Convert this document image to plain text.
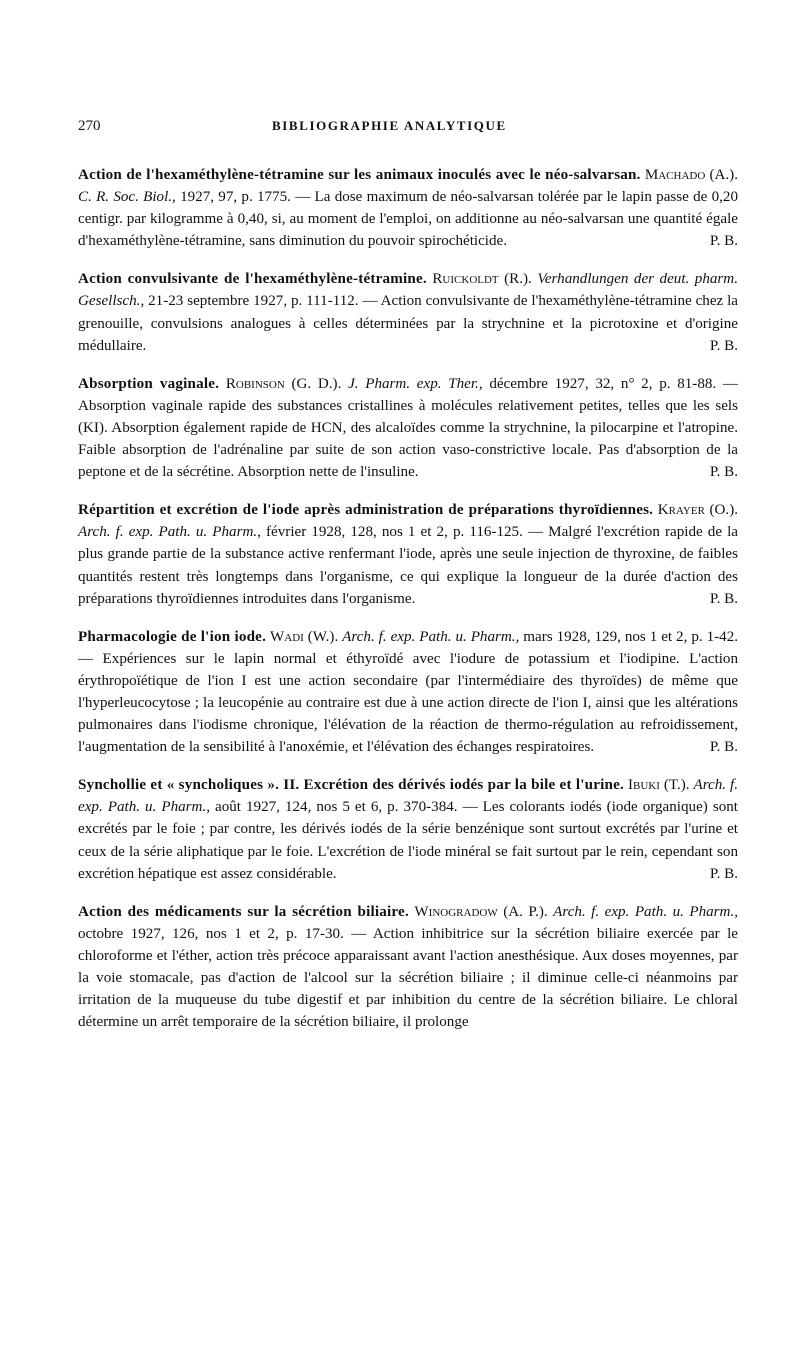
270	BIBLIOGRAPHIE ANALYTIQUE
Action de l'hexaméthylène-tétramine sur les animaux inoculés avec le néo-salvarsan. Machado (A.). C. R. Soc. Biol., 1927, 97, p. 1775. — La dose maximum de néo-salvarsan tolérée par le lapin passe de 0,20 centigr. par kilogramme à 0,40, si, au moment de l'emploi, on additionne au néo-salvarsan une quantité égale d'hexaméthylène-tétramine, sans diminution du pouvoir spirochéticide.	P. B.
Action convulsivante de l'hexaméthylène-tétramine. Ruickoldt (R.). Verhandlungen der deut. pharm. Gesellsch., 21-23 septembre 1927, p. 111-112. — Action convulsivante de l'hexaméthylène-tétramine chez la grenouille, convulsions analogues à celles déterminées par la strychnine et la picrotoxine et d'origine médullaire.	P. B.
Absorption vaginale. Robinson (G. D.). J. Pharm. exp. Ther., décembre 1927, 32, n° 2, p. 81-88. — Absorption vaginale rapide des substances cristallines à molécules relativement petites, telles que les sels (KI). Absorption également rapide de HCN, des alcaloïdes comme la strychnine, la pilocarpine et l'atropine. Faible absorption de l'adrénaline par suite de son action vaso-constrictive locale. Pas d'absorption de la peptone et de la sécrétine. Absorption nette de l'insuline.	P. B.
Répartition et excrétion de l'iode après administration de préparations thyroïdiennes. Krayer (O.). Arch. f. exp. Path. u. Pharm., février 1928, 128, nos 1 et 2, p. 116-125. — Malgré l'excrétion rapide de la plus grande partie de la substance active renfermant l'iode, après une seule injection de thyroxine, de faibles quantités restent très longtemps dans l'organisme, ce qui explique la longueur de la durée d'action des préparations thyroïdiennes introduites dans l'organisme.	P. B.
Pharmacologie de l'ion iode. Wadi (W.). Arch. f. exp. Path. u. Pharm., mars 1928, 129, nos 1 et 2, p. 1-42. — Expériences sur le lapin normal et éthyroïdé avec l'iodure de potassium et l'iodipine. L'action érythropoïétique de l'ion I est une action secondaire (par l'intermédiaire des thyroïdes) de même que l'hyperleucocytose ; la leucopénie au contraire est due à une action directe de l'ion I, ainsi que les altérations pulmonaires dans l'iodisme chronique, l'élévation de la réaction de thermo-régulation au refroidissement, l'augmentation de la sensibilité à l'anoxémie, et l'élévation des échanges respiratoires.	P. B.
Synchollie et « syncholiques ». II. Excrétion des dérivés iodés par la bile et l'urine. Ibuki (T.). Arch. f. exp. Path. u. Pharm., août 1927, 124, nos 5 et 6, p. 370-384. — Les colorants iodés (iode organique) sont excrétés par le foie ; par contre, les dérivés iodés de la série benzénique sont surtout excrétés par l'urine et ceux de la série aliphatique par le foie. L'excrétion de l'iode minéral se fait surtout par le rein, cependant son excrétion hépatique est assez considérable.	P. B.
Action des médicaments sur la sécrétion biliaire. Winogradow (A. P.). Arch. f. exp. Path. u. Pharm., octobre 1927, 126, nos 1 et 2, p. 17-30. — Action inhibitrice sur la sécrétion biliaire exercée par le chloroforme et l'éther, action très précoce apparaissant avant l'action anesthésique. Aux doses moyennes, par la voie stomacale, pas d'action de l'alcool sur la sécrétion biliaire ; il diminue celle-ci néanmoins par irritation de la muqueuse du tube digestif et par inhibition du centre de la sécrétion biliaire. Le chloral détermine un arrêt temporaire de la sécrétion biliaire, il prolonge
